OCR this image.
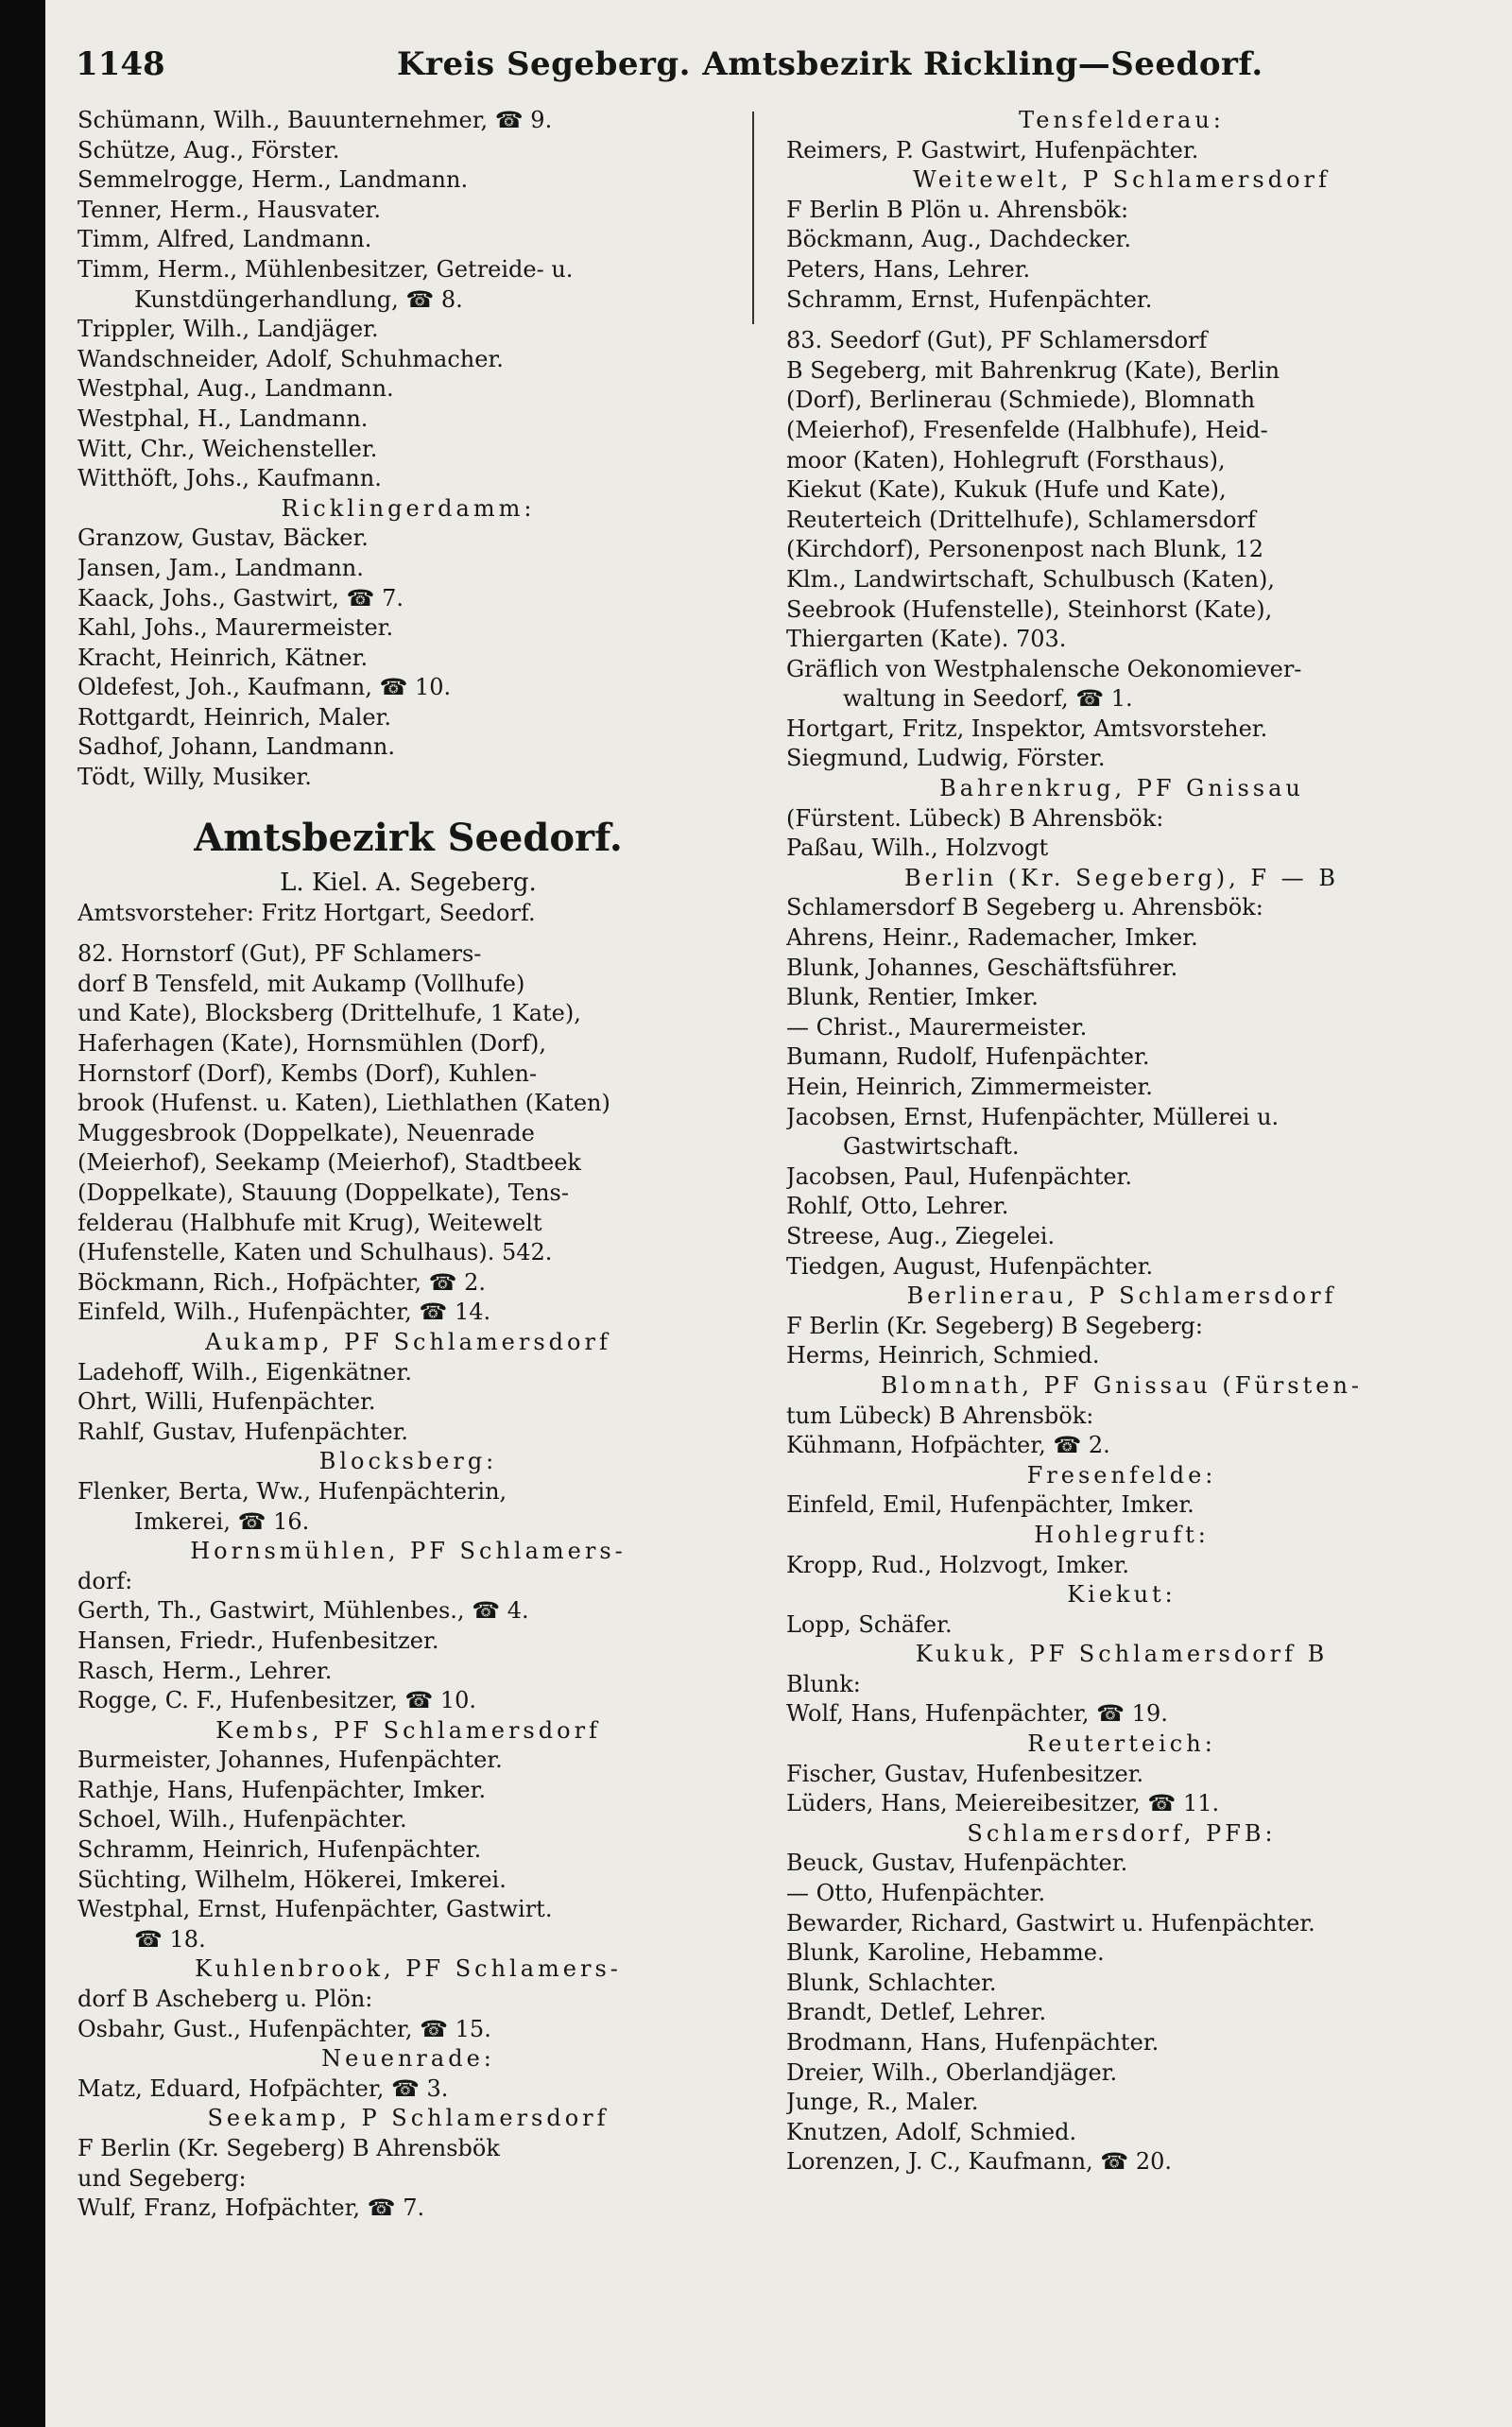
1148	Kreis Segeberg. Amtsbezirk Rickling—Seedorf.
Schümann, Wilh., Bauunternehmer, ☎ 9.
Schütze, Aug., Förster.
Semmelrogge, Herm., Landmann.
Tenner, Herm., Hausvater.
Timm, Alfred, Landmann.
Timm, Herm., Mühlenbesitzer, Getreide- u.
Kunstdüngerhandlung, ☎ 8.
Trippler, Wilh., Landjäger.
Wandschneider, Adolf, Schuhmacher.
Westphal, Aug., Landmann.
Westphal, H., Landmann.
Witt, Chr., Weichensteller.
Witthöft, Johs., Kaufmann.
Ricklingerdamm:
Granzow, Gustav, Bäcker.
Jansen, Jam., Landmann.
Kaack, Johs., Gastwirt, ☎ 7.
Kahl, Johs., Maurermeister.
Kracht, Heinrich, Kätner.
Oldefest, Joh., Kaufmann, ☎ 10.
Rottgardt, Heinrich, Maler.
Sadhof, Johann, Landmann.
Tödt, Willy, Musiker.
Amtsbezirk Seedorf.
L. Kiel. A. Segeberg.
Amtsvorsteher: Fritz Hortgart, Seedorf.
82. Hornstorf (Gut), PF Schlamers-
dorf B Tensfeld, mit Aukamp (Vollhufe)
und Kate), Blocksberg (Drittelhufe, 1 Kate),
Haferhagen (Kate), Hornsmühlen (Dorf),
Hornstorf (Dorf), Kembs (Dorf), Kuhlen-
brook (Hufenst. u. Katen), Liethlathen (Katen)
Muggesbrook (Doppelkate), Neuenrade
(Meierhof), Seekamp (Meierhof), Stadtbeek
(Doppelkate), Stauung (Doppelkate), Tens-
felderau (Halbhufe mit Krug), Weitewelt
(Hufenstelle, Katen und Schulhaus). 542.
Böckmann, Rich., Hofpächter, ☎ 2.
Einfeld, Wilh., Hufenpächter, ☎ 14.
Aukamp, PF Schlamersdorf
Ladehoff, Wilh., Eigenkätner.
Ohrt, Willi, Hufenpächter.
Rahlf, Gustav, Hufenpächter.
Blocksberg:
Flenker, Berta, Ww., Hufenpächterin,
Imkerei, ☎ 16.
Hornsmühlen, PF Schlamers-
dorf:
Gerth, Th., Gastwirt, Mühlenbes., ☎ 4.
Hansen, Friedr., Hufenbesitzer.
Rasch, Herm., Lehrer.
Rogge, C. F., Hufenbesitzer, ☎ 10.
Kembs, PF Schlamersdorf
Burmeister, Johannes, Hufenpächter.
Rathje, Hans, Hufenpächter, Imker.
Schoel, Wilh., Hufenpächter.
Schramm, Heinrich, Hufenpächter.
Süchting, Wilhelm, Hökerei, Imkerei.
Westphal, Ernst, Hufenpächter, Gastwirt.
☎ 18.
Kuhlenbrook, PF Schlamers-
dorf B Ascheberg u. Plön:
Osbahr, Gust., Hufenpächter, ☎ 15.
Neuenrade:
Matz, Eduard, Hofpächter, ☎ 3.
Seekamp, P Schlamersdorf
F Berlin (Kr. Segeberg) B Ahrensbök
und Segeberg:
Wulf, Franz, Hofpächter, ☎ 7.
Tensfelderau:
Reimers, P. Gastwirt, Hufenpächter.
Weitewelt, P Schlamersdorf
F Berlin B Plön u. Ahrensbök:
Böckmann, Aug., Dachdecker.
Peters, Hans, Lehrer.
Schramm, Ernst, Hufenpächter.
83. Seedorf (Gut), PF Schlamersdorf
B Segeberg, mit Bahrenkrug (Kate), Berlin
(Dorf), Berlinerau (Schmiede), Blomnath
(Meierhof), Fresenfelde (Halbhufe), Heid-
moor (Katen), Hohlegruft (Forsthaus),
Kiekut (Kate), Kukuk (Hufe und Kate),
Reuterteich (Drittelhufe), Schlamersdorf
(Kirchdorf), Personenpost nach Blunk, 12
Klm., Landwirtschaft, Schulbusch (Katen),
Seebrook (Hufenstelle), Steinhorst (Kate),
Thiergarten (Kate). 703.
Gräflich von Westphalensche Oekonomiever-
waltung in Seedorf, ☎ 1.
Hortgart, Fritz, Inspektor, Amtsvorsteher.
Siegmund, Ludwig, Förster.
Bahrenkrug, PF Gnissau
(Fürstent. Lübeck) B Ahrensbök:
Paßau, Wilh., Holzvogt
Berlin (Kr. Segeberg), F — B
Schlamersdorf B Segeberg u. Ahrensbök:
Ahrens, Heinr., Rademacher, Imker.
Blunk, Johannes, Geschäftsführer.
Blunk, Rentier, Imker.
— Christ., Maurermeister.
Bumann, Rudolf, Hufenpächter.
Hein, Heinrich, Zimmermeister.
Jacobsen, Ernst, Hufenpächter, Müllerei u.
Gastwirtschaft.
Jacobsen, Paul, Hufenpächter.
Rohlf, Otto, Lehrer.
Streese, Aug., Ziegelei.
Tiedgen, August, Hufenpächter.
Berlinerau, P Schlamersdorf
F Berlin (Kr. Segeberg) B Segeberg:
Herms, Heinrich, Schmied.
Blomnath, PF Gnissau (Fürsten-
tum Lübeck) B Ahrensbök:
Kühmann, Hofpächter, ☎ 2.
Fresenfelde:
Einfeld, Emil, Hufenpächter, Imker.
Hohlegruft:
Kropp, Rud., Holzvogt, Imker.
Kiekut:
Lopp, Schäfer.
Kukuk, PF Schlamersdorf B
Blunk:
Wolf, Hans, Hufenpächter, ☎ 19.
Reuterteich:
Fischer, Gustav, Hufenbesitzer.
Lüders, Hans, Meiereibesitzer, ☎ 11.
Schlamersdorf, PFB:
Beuck, Gustav, Hufenpächter.
— Otto, Hufenpächter.
Bewarder, Richard, Gastwirt u. Hufenpächter.
Blunk, Karoline, Hebamme.
Blunk, Schlachter.
Brandt, Detlef, Lehrer.
Brodmann, Hans, Hufenpächter.
Dreier, Wilh., Oberlandjäger.
Junge, R., Maler.
Knutzen, Adolf, Schmied.
Lorenzen, J. C., Kaufmann, ☎ 20.
